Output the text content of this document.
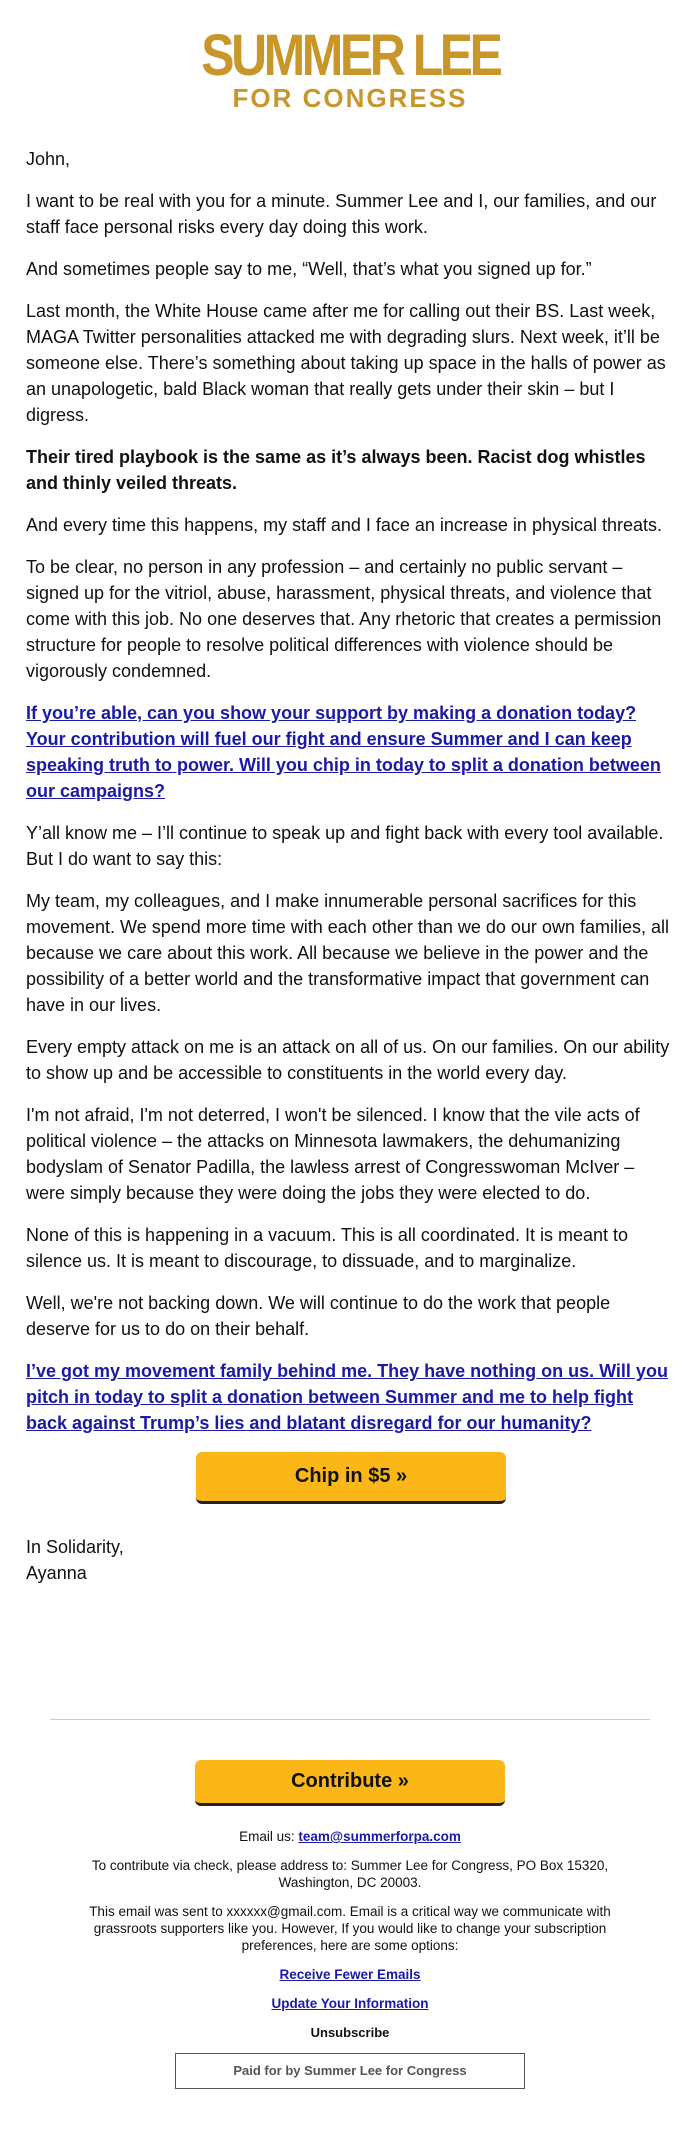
SUMMER LEE
FOR CONGRESS

John,

I want to be real with you for a minute. Summer Lee and I, our families, and our staff face personal risks every day doing this work.

And sometimes people say to me, “Well, that’s what you signed up for.”

Last month, the White House came after me for calling out their BS. Last week, MAGA Twitter personalities attacked me with degrading slurs. Next week, it’ll be someone else. There’s something about taking up space in the halls of power as an unapologetic, bald Black woman that really gets under their skin – but I digress.

Their tired playbook is the same as it’s always been. Racist dog whistles and thinly veiled threats.

And every time this happens, my staff and I face an increase in physical threats.

To be clear, no person in any profession – and certainly no public servant – signed up for the vitriol, abuse, harassment, physical threats, and violence that come with this job. No one deserves that. Any rhetoric that creates a permission structure for people to resolve political differences with violence should be vigorously condemned.

If you’re able, can you show your support by making a donation today? Your contribution will fuel our fight and ensure Summer and I can keep speaking truth to power. Will you chip in today to split a donation between our campaigns?

Y’all know me – I’ll continue to speak up and fight back with every tool available. But I do want to say this:

My team, my colleagues, and I make innumerable personal sacrifices for this movement. We spend more time with each other than we do our own families, all because we care about this work. All because we believe in the power and the possibility of a better world and the transformative impact that government can have in our lives.

Every empty attack on me is an attack on all of us. On our families. On our ability to show up and be accessible to constituents in the world every day.

I'm not afraid, I'm not deterred, I won't be silenced. I know that the vile acts of political violence – the attacks on Minnesota lawmakers, the dehumanizing bodyslam of Senator Padilla, the lawless arrest of Congresswoman McIver – were simply because they were doing the jobs they were elected to do.

None of this is happening in a vacuum. This is all coordinated. It is meant to silence us. It is meant to discourage, to dissuade, and to marginalize.

Well, we're not backing down. We will continue to do the work that people deserve for us to do on their behalf.

I’ve got my movement family behind me. They have nothing on us. Will you pitch in today to split a donation between Summer and me to help fight back against Trump’s lies and blatant disregard for our humanity?

Chip in $5 »
In Solidarity,
Ayanna
Contribute »

Email us: team@summerforpa.com

To contribute via check, please address to: Summer Lee for Congress, PO Box 15320, Washington, DC 20003.

This email was sent to xxxxxx@gmail.com. Email is a critical way we communicate with grassroots supporters like you. However, If you would like to change your subscription preferences, here are some options:

Receive Fewer Emails

Update Your Information

Unsubscribe

Paid for by Summer Lee for Congress
